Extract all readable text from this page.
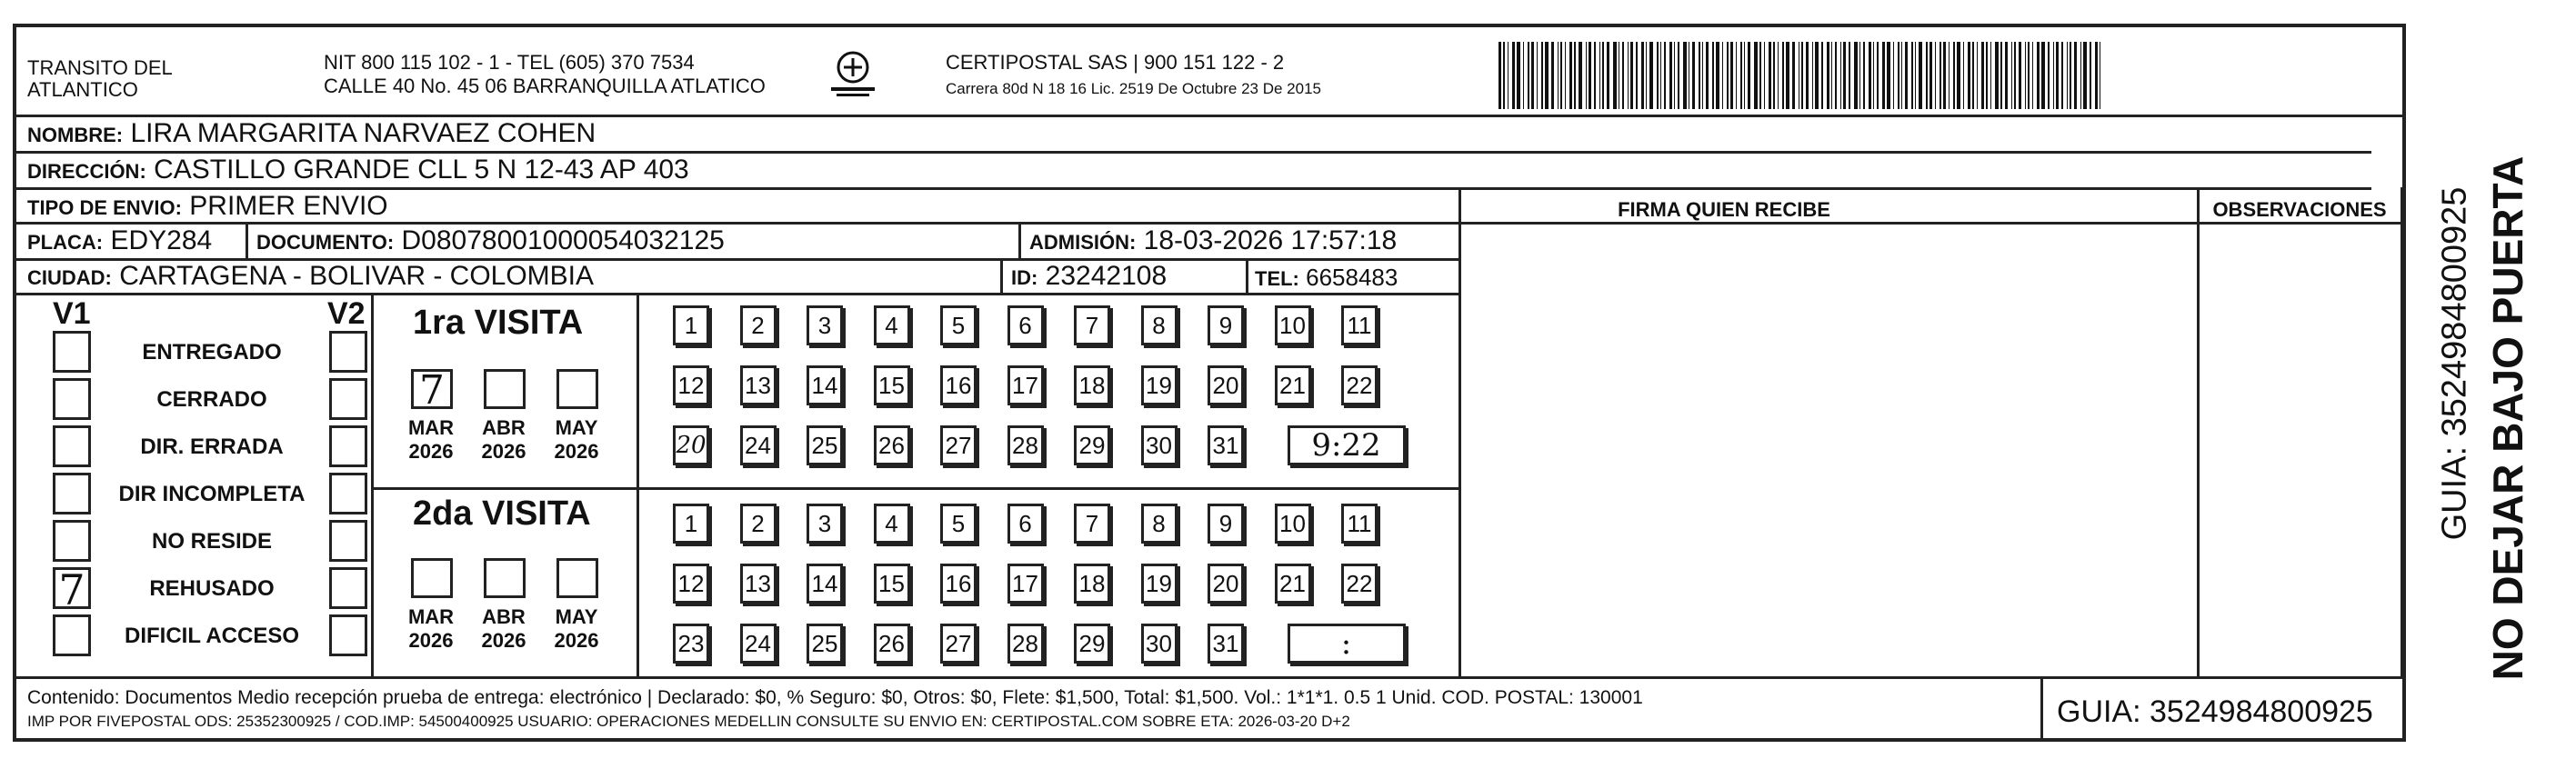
TRANSITO DEL
ATLANTICO
NIT 800 115 102 - 1 - TEL (605) 370 7534
CALLE 40 No. 45 06 BARRANQUILLA ATLATICO
CERTIPOSTAL SAS | 900 151 122 - 2
Carrera 80d N 18 16 Lic. 2519 De Octubre 23 De 2015
NOMBRE: LIRA MARGARITA NARVAEZ COHEN
DIRECCIÓN: CASTILLO GRANDE CLL 5 N 12-43 AP 403
TIPO DE ENVIO: PRIMER ENVIO	FIRMA QUIEN RECIBE	OBSERVACIONES
PLACA: EDY284 DOCUMENTO: D08078001000054032125	ADMISIÓN: 18-03-2026 17:57:18
CIUDAD: CARTAGENA - BOLIVAR - COLOMBIA	ID: 23242108	TEL: 6658483
V1	V2
ENTREGADO
CERRADO
DIR. ERRADA
DIR INCOMPLETA
NO RESIDE
7	REHUSADO
DIFICIL ACCESO
1ra VISITA
7
MAR
2026
ABR
2026
MAY
2026
1	2	3	4	5	6	7	8	9	10 11
12 13 14 15 16 17 18 19 20 21 22
20 24 25 26 27 28 29 30 31	9:22
2da VISITA
MAR
2026
ABR
2026
MAY
2026
1	2	3	4	5	6	7	8	9	10 11
12 13 14 15 16 17 18 19 20 21 22
23 24 25 26 27 28 29 30 31	:
Contenido: Documentos Medio recepción prueba de entrega: electrónico | Declarado: $0, % Seguro: $0, Otros: $0, Flete: $1,500, Total: $1,500. Vol.: 1*1*1. 0.5 1 Unid. COD. POSTAL: 130001
IMP POR FIVEPOSTAL ODS: 25352300925 / COD.IMP: 54500400925 USUARIO: OPERACIONES MEDELLIN CONSULTE SU ENVIO EN: CERTIPOSTAL.COM SOBRE ETA: 2026-03-20 D+2	GUIA: 3524984800925
NO DEJAR BAJO PUERTA
GUIA: 3524984800925
